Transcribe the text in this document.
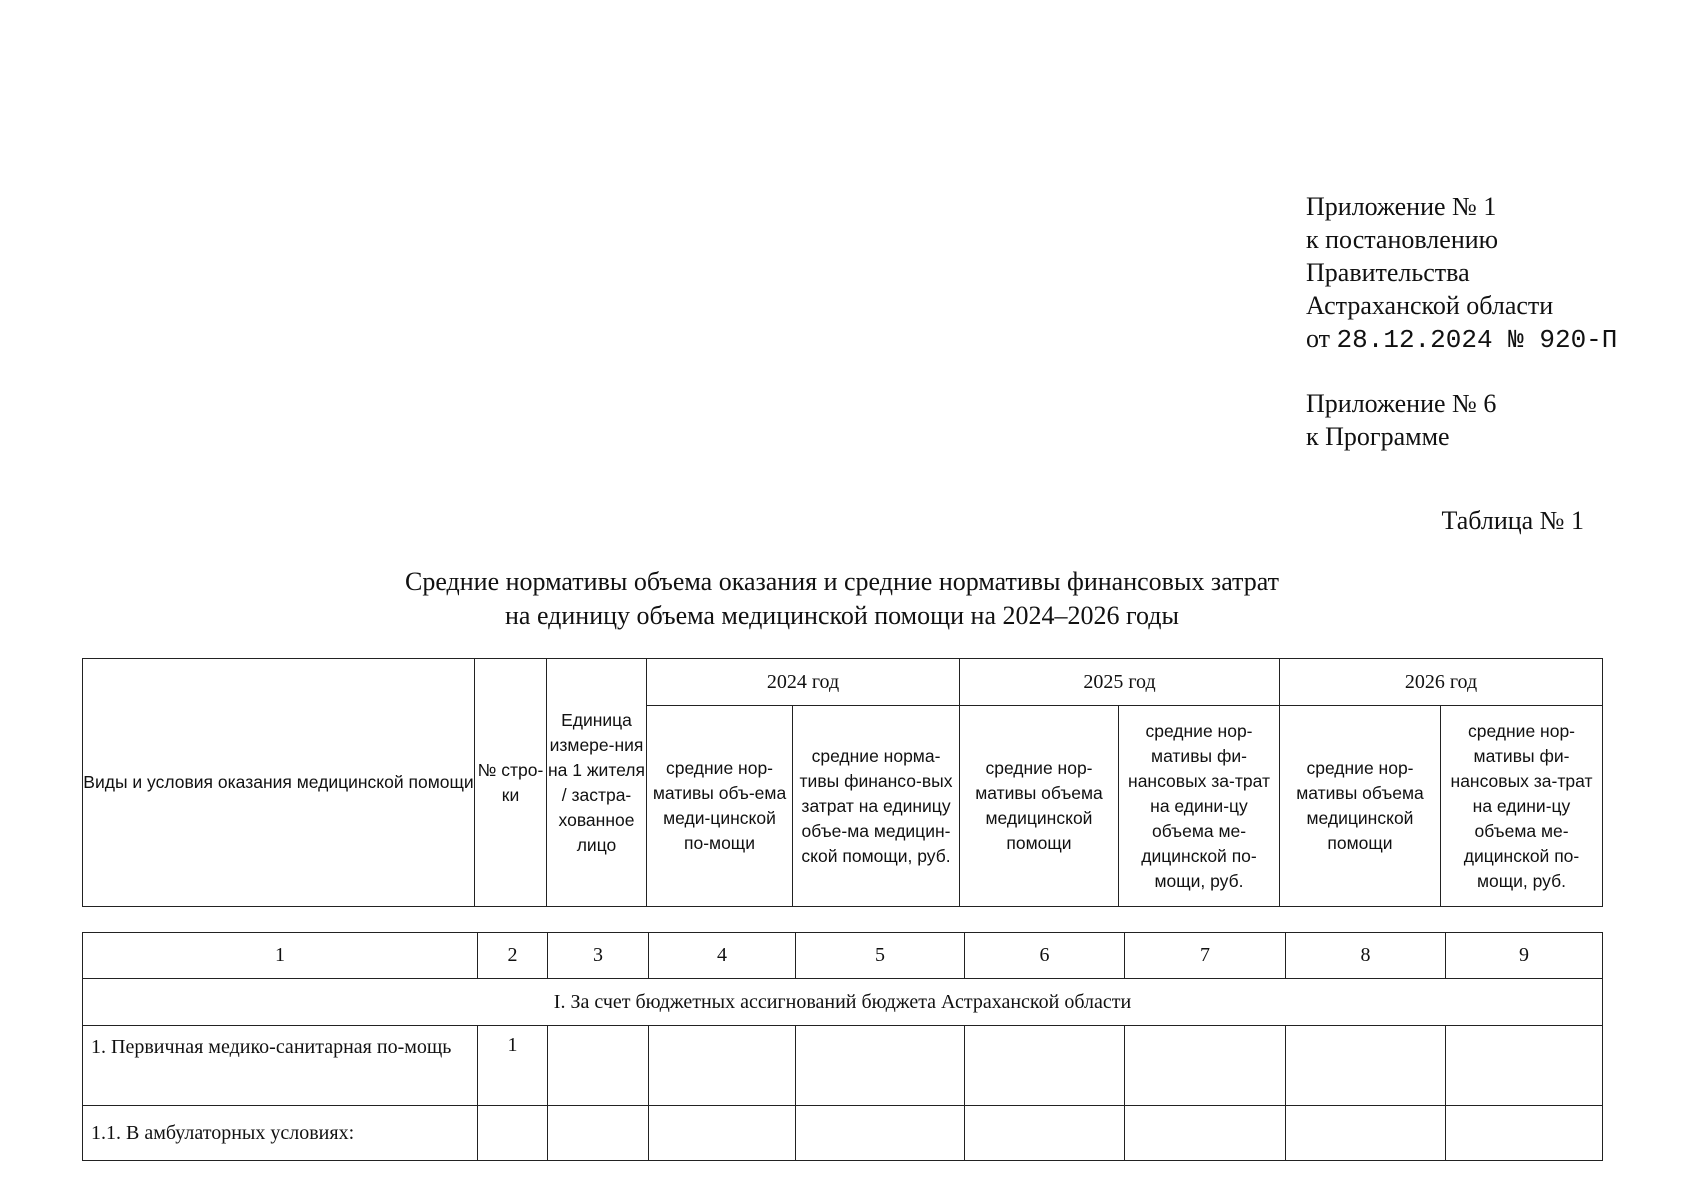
Приложение № 1
к постановлению
Правительства
Астраханской области
от 28.12.2024 № 920-П
Приложение № 6
к Программе
Таблица № 1
Средние нормативы объема оказания и средние нормативы финансовых затрат
на единицу объема медицинской помощи на 2024–2026 годы
Виды и условия оказания медицинской помощи	№ стро-ки	Единица измере-ния на 1 жителя / застра-хованное лицо	2024 год		2025 год		2026 год	
			средние нор-мативы объ-ема меди-цинской по-мощи	средние норма-тивы финансо-вых затрат на единицу объе-ма медицин-ской помощи, руб.	средние нор-мативы объема медицинской помощи	средние нор-мативы фи-нансовых за-трат на едини-цу объема ме-дицинской по-мощи, руб.	средние нор-мативы объема медицинской помощи	средние нор-мативы фи-нансовых за-трат на едини-цу объема ме-дицинской по-мощи, руб.
1	2	3	4	5	6	7	8	9
I. За счет бюджетных ассигнований бюджета Астраханской области								
1. Первичная медико-санитарная по-мощь	1							
1.1. В амбулаторных условиях:								
